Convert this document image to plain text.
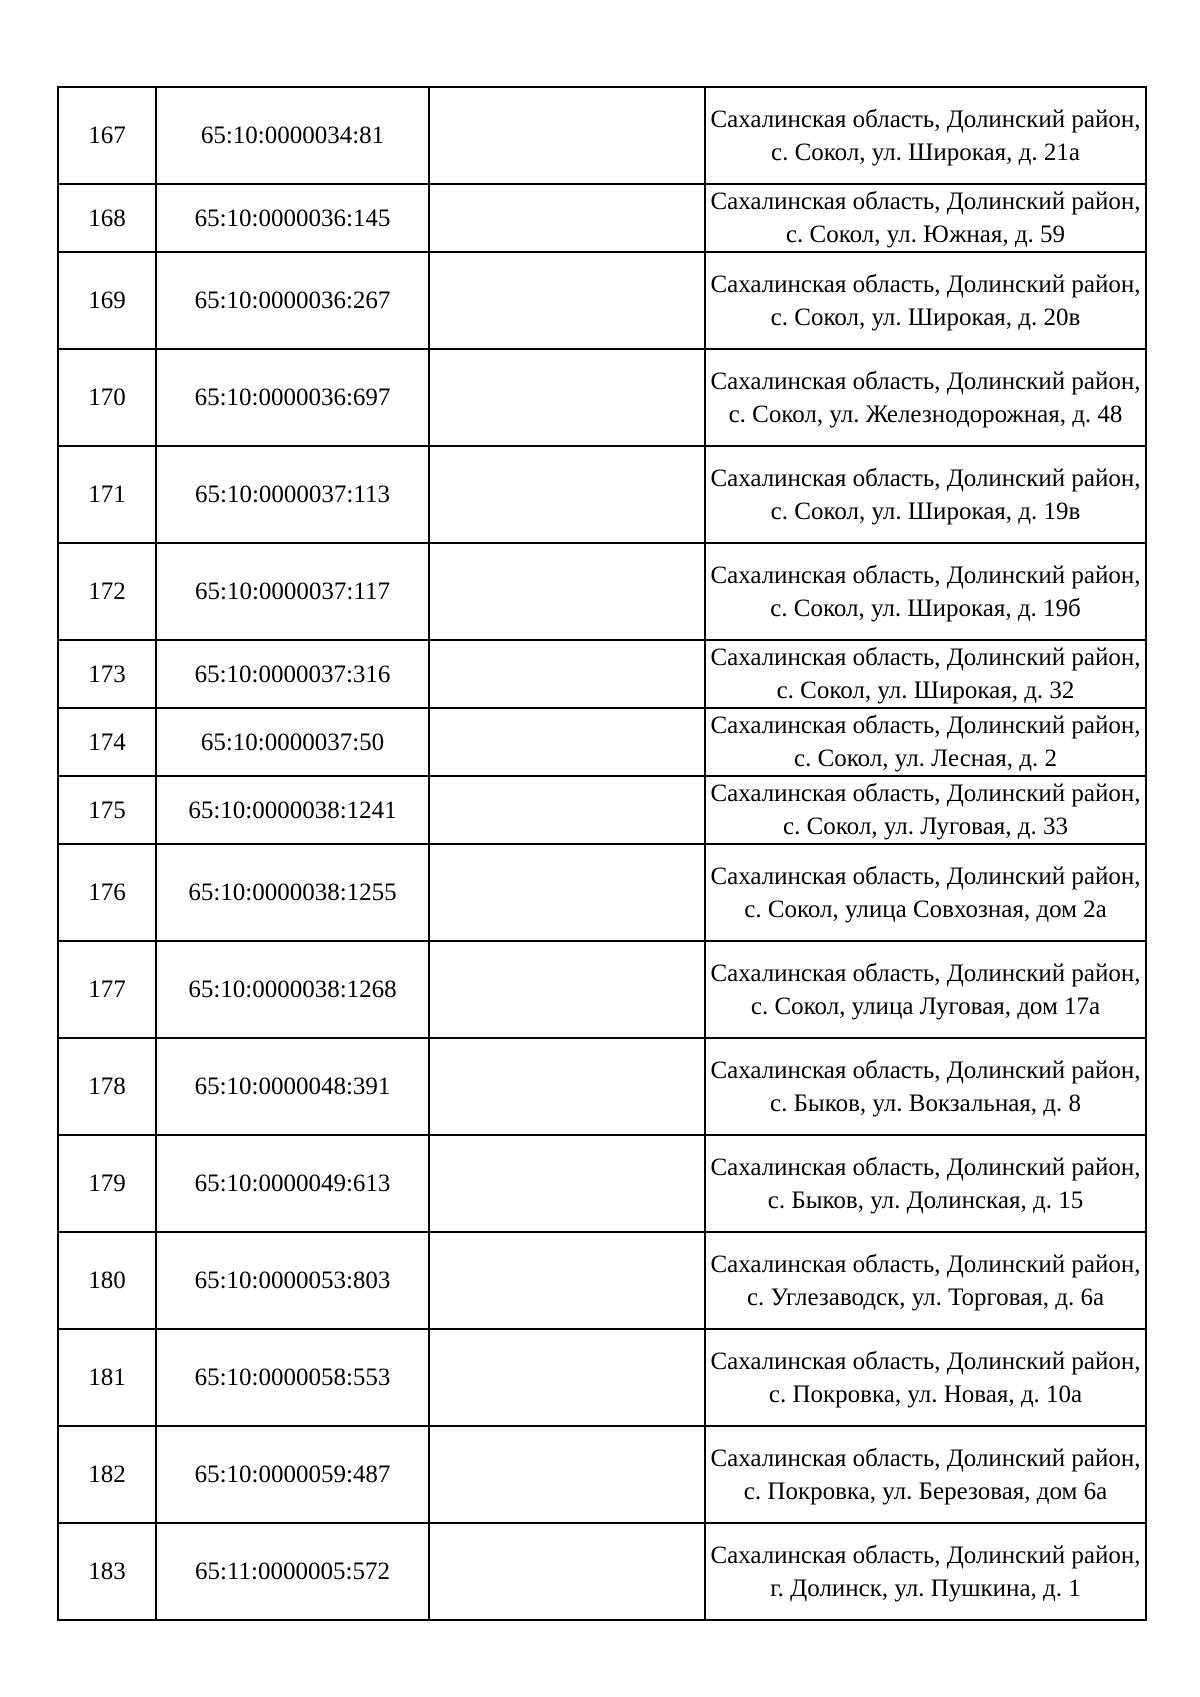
167	65:10:0000034:81		Сахалинская область, Долинский район, с. Сокол, ул. Широкая, д. 21а
168	65:10:0000036:145		Сахалинская область, Долинский район, с. Сокол, ул. Южная, д. 59
169	65:10:0000036:267		Сахалинская область, Долинский район, с. Сокол, ул. Широкая, д. 20в
170	65:10:0000036:697		Сахалинская область, Долинский район, с. Сокол, ул. Железнодорожная, д. 48
171	65:10:0000037:113		Сахалинская область, Долинский район, с. Сокол, ул. Широкая, д. 19в
172	65:10:0000037:117		Сахалинская область, Долинский район, с. Сокол, ул. Широкая, д. 19б
173	65:10:0000037:316		Сахалинская область, Долинский район, с. Сокол, ул. Широкая, д. 32
174	65:10:0000037:50		Сахалинская область, Долинский район, с. Сокол, ул. Лесная, д. 2
175	65:10:0000038:1241		Сахалинская область, Долинский район, с. Сокол, ул. Луговая, д. 33
176	65:10:0000038:1255		Сахалинская область, Долинский район, с. Сокол, улица Совхозная, дом 2а
177	65:10:0000038:1268		Сахалинская область, Долинский район, с. Сокол, улица Луговая, дом 17а
178	65:10:0000048:391		Сахалинская область, Долинский район, с. Быков, ул. Вокзальная, д. 8
179	65:10:0000049:613		Сахалинская область, Долинский район, с. Быков, ул. Долинская, д. 15
180	65:10:0000053:803		Сахалинская область, Долинский район, с. Углезаводск, ул. Торговая, д. 6а
181	65:10:0000058:553		Сахалинская область, Долинский район, с. Покровка, ул. Новая, д. 10а
182	65:10:0000059:487		Сахалинская область, Долинский район, с. Покровка, ул. Березовая, дом 6а
183	65:11:0000005:572		Сахалинская область, Долинский район, г. Долинск, ул. Пушкина, д. 1
